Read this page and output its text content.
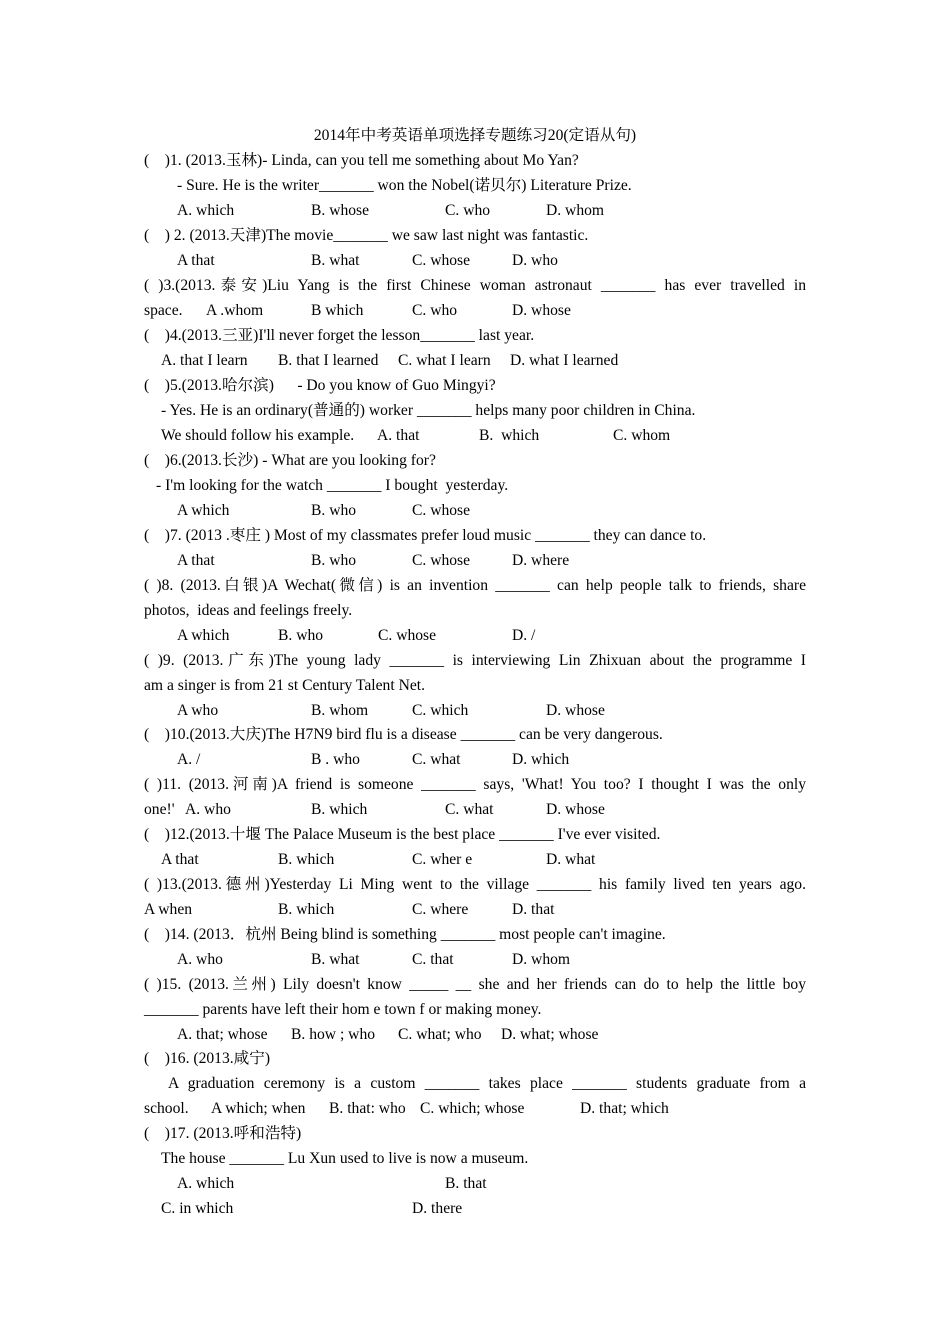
2014年中考英语单项选择专题练习20(定语从句)
(    )1. (2013.玉林)- Linda, can you tell me something about Mo Yan?
- Sure. He is the writer_______ won the Nobel(诺贝尔) Literature Prize.
A. which	B. whose	C. who	D. whom
(    ) 2. (2013.天津)The movie_______ we saw last night was fantastic.
A that	B. what	C. whose	D. who
( )3.(2013.泰安)Liu Yang is the first Chinese woman astronaut _______ has ever travelled in
space. A .whom	B which	C. who	D. whose
(    )4.(2013.三亚)I'll never forget the lesson_______ last year.
A. that I learn B. that I learned C. what I learn D. what I learned
(    )5.(2013.哈尔滨)      - Do you know of Guo Mingyi?
- Yes. He is an ordinary(普通的) worker _______ helps many poor children in China.
We should follow his example. A. that	B.  which	C. whom
(    )6.(2013.长沙) - What are you looking for?
- I'm looking for the watch _______ I bought  yesterday.
A which	B. who	C. whose
(    )7. (2013 .枣庄 ) Most of my classmates prefer loud music _______ they can dance to.
A that	B. who	C. whose	D. where
( )8. (2013.白银)A Wechat(微信) is an invention _______ can help people talk to friends, share
photos,  ideas and feelings freely.
A which	B. who	C. whose	D. /
( )9. (2013.广东)The young lady _______ is interviewing Lin Zhixuan about the programme I
am a singer is from 21 st Century Talent Net.
A who	B. whom	C. which	D. whose
(    )10.(2013.大庆)The H7N9 bird flu is a disease _______ can be very dangerous.
A. /	B . who	C. what	D. which
( )11. (2013.河南)A friend is someone _______ says, 'What! You too? I thought I was the only
one!' A. who	B. which	C. what	D. whose
(    )12.(2013.十堰 The Palace Museum is the best place _______ I've ever visited.
A that	B. which	C. wher e	D. what
( )13.(2013.德州)Yesterday Li Ming went to the village _______ his family lived ten years ago.
A when	B. which	C. where	D. that
(    )14. (2013．杭州 Being blind is something _______ most people can't imagine.
A. who	B. what	C. that	D. whom
( )15. (2013.兰州) Lily doesn't know _____ __ she and her friends can do to help the little boy
_______ parents have left their hom e town f or making money.
A. that; whose B. how ; who C. what; who D. what; whose
(    )16. (2013.咸宁)
A graduation ceremony is a custom _______ takes place _______ students graduate from a
school. A which; when B. that: who C. which; whose	D. that; which
(    )17. (2013.呼和浩特)
The house _______ Lu Xun used to live is now a museum.
A. which	B. that
C. in which	D. there
